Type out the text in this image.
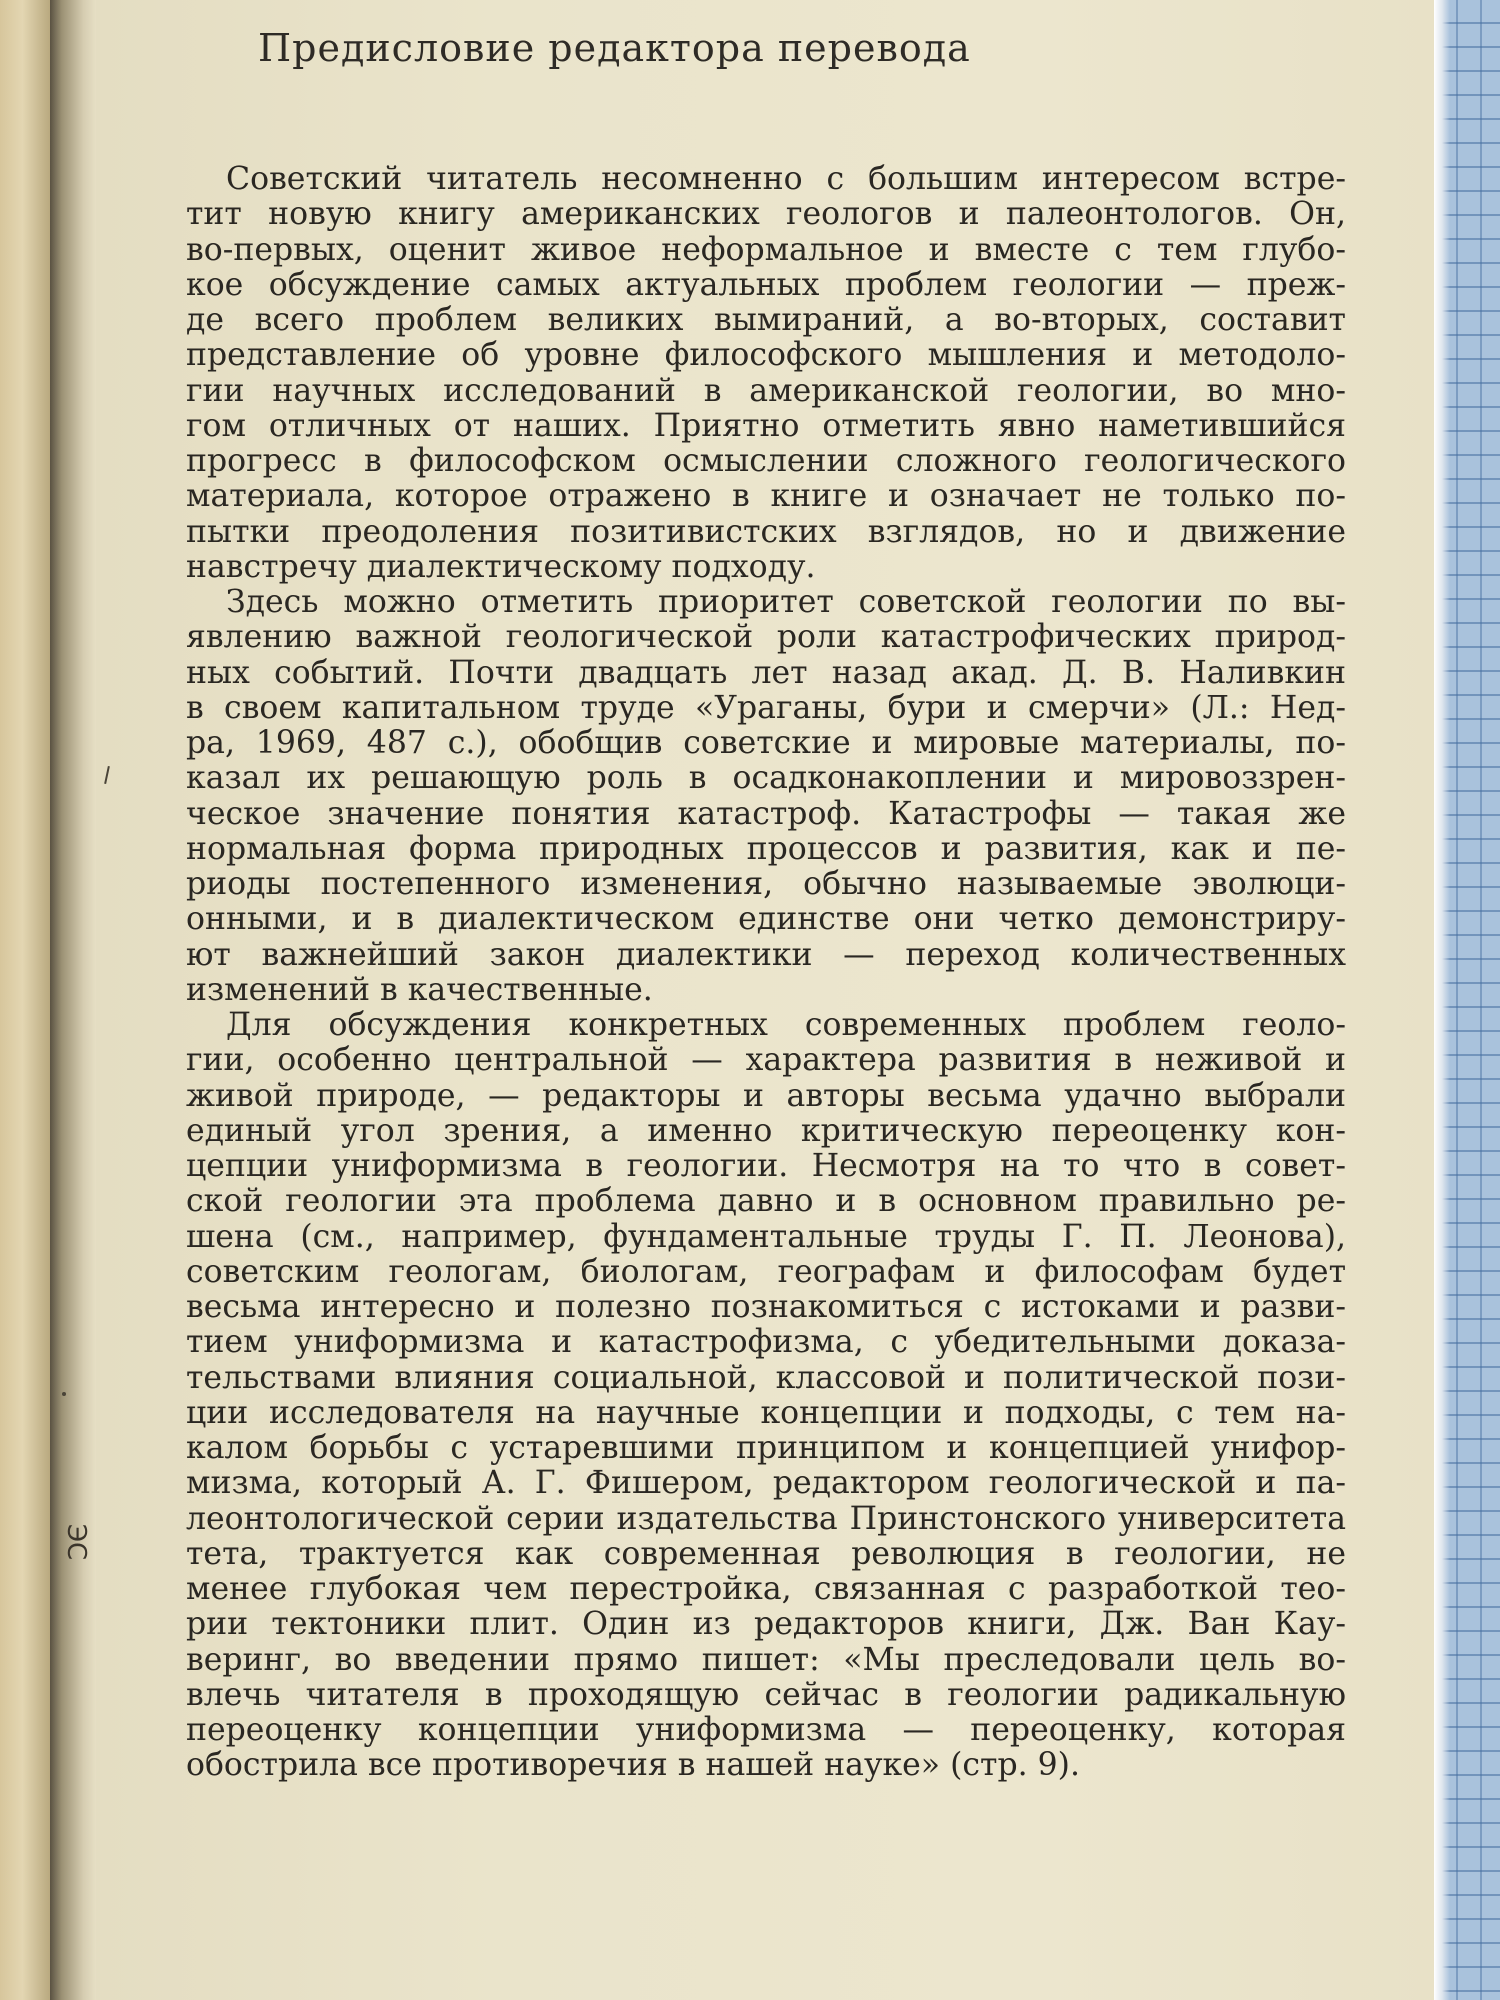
ЭС
Предисловие редактора перевода
Советский читатель несомненно с большим интересом встре-
тит новую книгу американских геологов и палеонтологов. Он,
во-первых, оценит живое неформальное и вместе с тем глубо-
кое обсуждение самых актуальных проблем геологии — преж-
де всего проблем великих вымираний, а во-вторых, составит
представление об уровне философского мышления и методоло-
гии научных исследований в американской геологии, во мно-
гом отличных от наших. Приятно отметить явно наметившийся
прогресс в философском осмыслении сложного геологического
материала, которое отражено в книге и означает не только по-
пытки преодоления позитивистских взглядов, но и движение
навстречу диалектическому подходу.
Здесь можно отметить приоритет советской геологии по вы-
явлению важной геологической роли катастрофических природ-
ных событий. Почти двадцать лет назад акад. Д. В. Наливкин
в своем капитальном труде «Ураганы, бури и смерчи» (Л.: Нед-
ра, 1969, 487 с.), обобщив советские и мировые материалы, по-
казал их решающую роль в осадконакоплении и мировоззрен-
ческое значение понятия катастроф. Катастрофы — такая же
нормальная форма природных процессов и развития, как и пе-
риоды постепенного изменения, обычно называемые эволюци-
онными, и в диалектическом единстве они четко демонстриру-
ют важнейший закон диалектики — переход количественных
изменений в качественные.
Для обсуждения конкретных современных проблем геоло-
гии, особенно центральной — характера развития в неживой и
живой природе, — редакторы и авторы весьма удачно выбрали
единый угол зрения, а именно критическую переоценку кон-
цепции униформизма в геологии. Несмотря на то что в совет-
ской геологии эта проблема давно и в основном правильно ре-
шена (см., например, фундаментальные труды Г. П. Леонова),
советским геологам, биологам, географам и философам будет
весьма интересно и полезно познакомиться с истоками и разви-
тием униформизма и катастрофизма, с убедительными доказа-
тельствами влияния социальной, классовой и политической пози-
ции исследователя на научные концепции и подходы, с тем на-
калом борьбы с устаревшими принципом и концепцией унифор-
мизма, который А. Г. Фишером, редактором геологической и па-
леонтологической серии издательства Принстонского университета
тета, трактуется как современная революция в геологии, не
менее глубокая чем перестройка, связанная с разработкой тео-
рии тектоники плит. Один из редакторов книги, Дж. Ван Кау-
веринг, во введении прямо пишет: «Мы преследовали цель во-
влечь читателя в проходящую сейчас в геологии радикальную
переоценку концепции униформизма — переоценку, которая
обострила все противоречия в нашей науке» (стр. 9).
